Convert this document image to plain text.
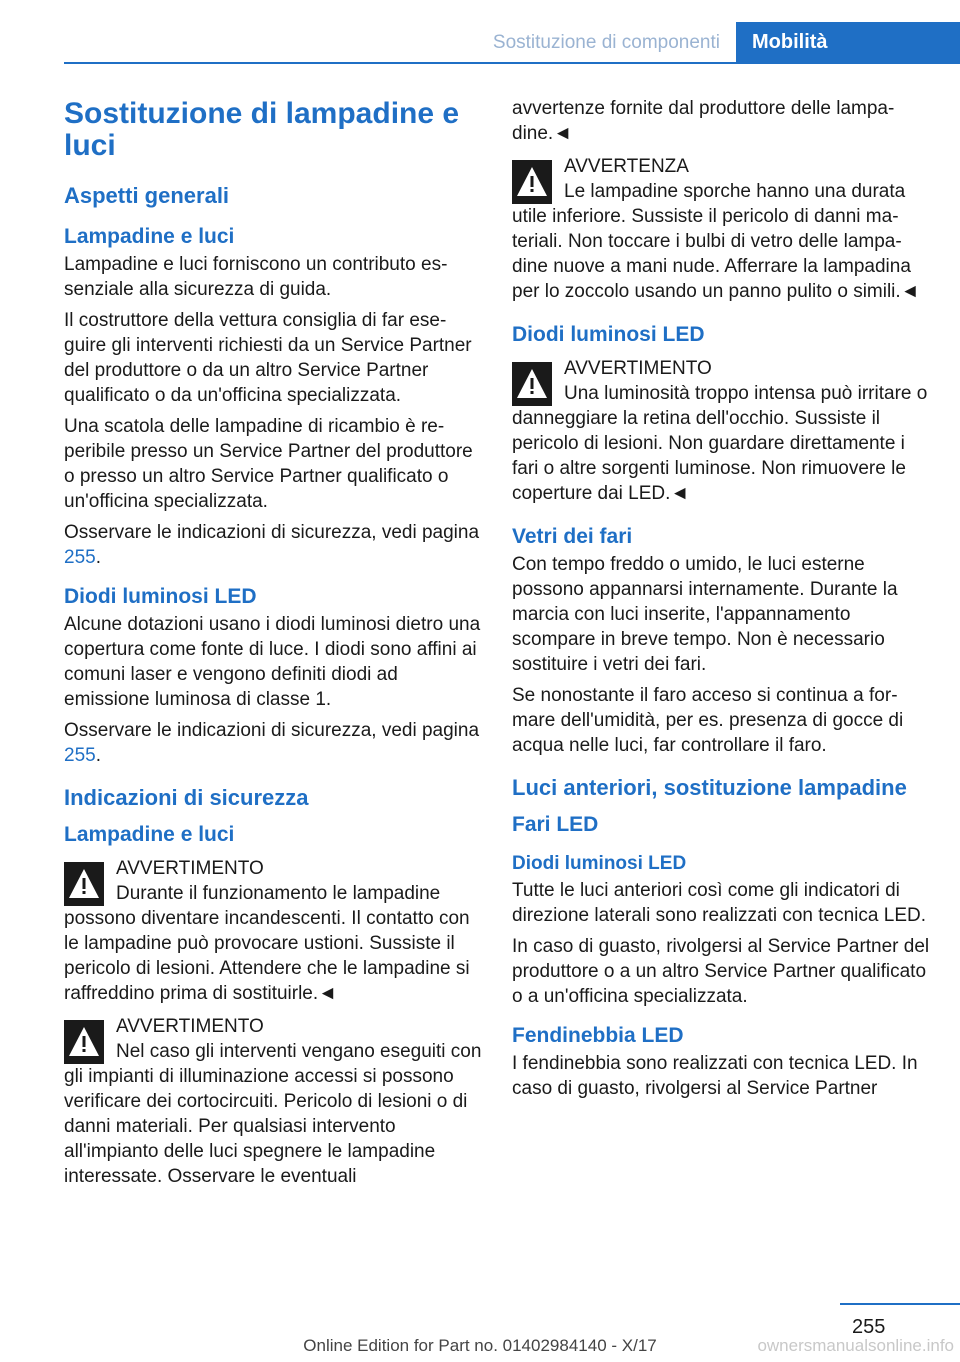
Sostituzione di componenti	Mobilità
Sostituzione di lampadine e luci
Aspetti generali
Lampadine e luci
Lampadine e luci forniscono un contributo essenziale alla sicurezza di guida.
Il costruttore della vettura consiglia di far eseguire gli interventi richiesti da un Service Partner del produttore o da un altro Service Partner qualificato o da un'officina specializzata.
Una scatola delle lampadine di ricambio è reperibile presso un Service Partner del produttore o presso un altro Service Partner qualificato o un'officina specializzata.
Osservare le indicazioni di sicurezza, vedi pagina 255.
Diodi luminosi LED
Alcune dotazioni usano i diodi luminosi dietro una copertura come fonte di luce. I diodi sono affini ai comuni laser e vengono definiti diodi ad emissione luminosa di classe 1.
Osservare le indicazioni di sicurezza, vedi pagina 255.
Indicazioni di sicurezza
Lampadine e luci
AVVERTIMENTO
Durante il funzionamento le lampadine possono diventare incandescenti. Il contatto con le lampadine può provocare ustioni. Sussiste il pericolo di lesioni. Attendere che le lampadine si raffreddino prima di sostituirle.◄
AVVERTIMENTO
Nel caso gli interventi vengano eseguiti con gli impianti di illuminazione accessi si possono verificare dei cortocircuiti. Pericolo di lesioni o di danni materiali. Per qualsiasi intervento all'impianto delle luci spegnere le lampadine interessate. Osservare le eventuali
avvertenze fornite dal produttore delle lampadine.◄
AVVERTENZA
Le lampadine sporche hanno una durata utile inferiore. Sussiste il pericolo di danni materiali. Non toccare i bulbi di vetro delle lampadine nuove a mani nude. Afferrare la lampadina per lo zoccolo usando un panno pulito o simili.◄
Diodi luminosi LED
AVVERTIMENTO
Una luminosità troppo intensa può irritare o danneggiare la retina dell'occhio. Sussiste il pericolo di lesioni. Non guardare direttamente i fari o altre sorgenti luminose. Non rimuovere le coperture dai LED.◄
Vetri dei fari
Con tempo freddo o umido, le luci esterne possono appannarsi internamente. Durante la marcia con luci inserite, l'appannamento scompare in breve tempo. Non è necessario sostituire i vetri dei fari.
Se nonostante il faro acceso si continua a formare dell'umidità, per es. presenza di gocce di acqua nelle luci, far controllare il faro.
Luci anteriori, sostituzione lampadine
Fari LED
Diodi luminosi LED
Tutte le luci anteriori così come gli indicatori di direzione laterali sono realizzati con tecnica LED.
In caso di guasto, rivolgersi al Service Partner del produttore o a un altro Service Partner qualificato o a un'officina specializzata.
Fendinebbia LED
I fendinebbia sono realizzati con tecnica LED. In caso di guasto, rivolgersi al Service Partner
255
Online Edition for Part no. 01402984140 - X/17	ownersmanualsonline.info
